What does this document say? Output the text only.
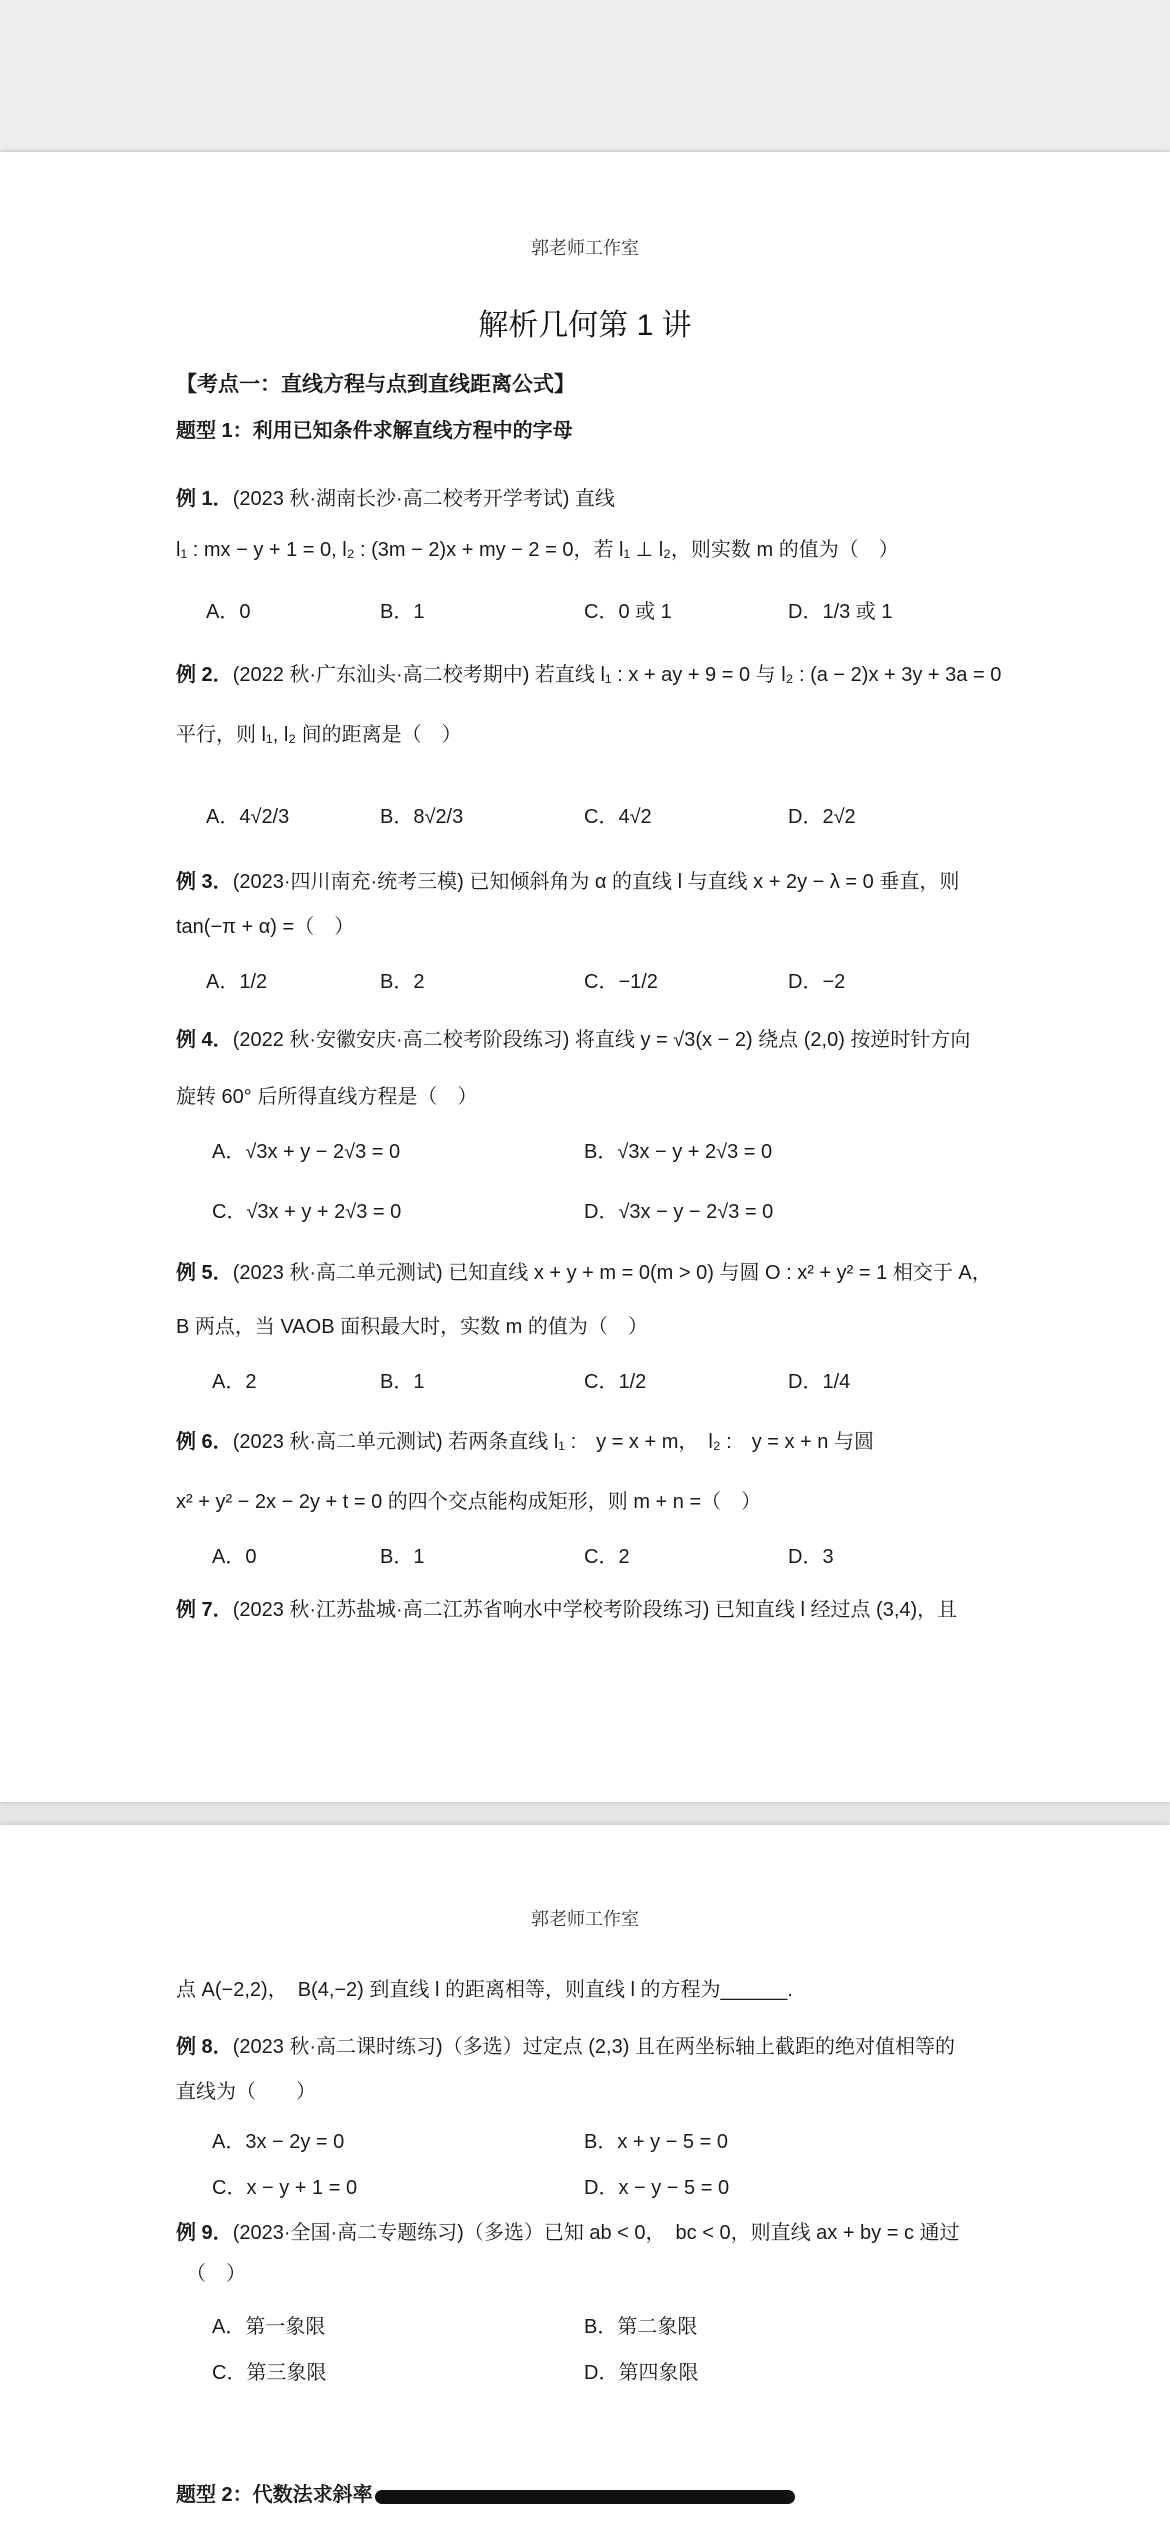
郭老师工作室
解析几何第 1 讲
【考点一：直线方程与点到直线距离公式】
题型 1：利用已知条件求解直线方程中的字母
例 1．(2023 秋·湖南长沙·高二校考开学考试) 直线
l₁ : mx − y + 1 = 0, l₂ : (3m − 2)x + my − 2 = 0，若 l₁ ⊥ l₂，则实数 m 的值为（　）
A．0	B．1	C．0 或 1	D．1/3 或 1
例 2．(2022 秋·广东汕头·高二校考期中) 若直线 l₁ : x + ay + 9 = 0 与 l₂ : (a − 2)x + 3y + 3a = 0
平行，则 l₁, l₂ 间的距离是（　）
A．4√2/3	B．8√2/3	C．4√2	D．2√2
例 3．(2023·四川南充·统考三模) 已知倾斜角为 α 的直线 l 与直线 x + 2y − λ = 0 垂直，则
tan(−π + α) =（　）
A．1/2	B．2	C．−1/2	D．−2
例 4．(2022 秋·安徽安庆·高二校考阶段练习) 将直线 y = √3(x − 2) 绕点 (2,0) 按逆时针方向
旋转 60° 后所得直线方程是（　）
A．√3x + y − 2√3 = 0	B．√3x − y + 2√3 = 0
C．√3x + y + 2√3 = 0	D．√3x − y − 2√3 = 0
例 5．(2023 秋·高二单元测试) 已知直线 x + y + m = 0(m > 0) 与圆 O : x² + y² = 1 相交于 A，
B 两点，当 VAOB 面积最大时，实数 m 的值为（　）
A．2	B．1	C．1/2	D．1/4
例 6．(2023 秋·高二单元测试) 若两条直线 l₁ :　y = x + m，　l₂ :　y = x + n 与圆
x² + y² − 2x − 2y + t = 0 的四个交点能构成矩形，则 m + n =（　）
A．0	B．1	C．2	D．3
例 7．(2023 秋·江苏盐城·高二江苏省响水中学校考阶段练习) 已知直线 l 经过点 (3,4)，且
郭老师工作室
点 A(−2,2)，　B(4,−2) 到直线 l 的距离相等，则直线 l 的方程为______.
例 8．(2023 秋·高二课时练习)（多选）过定点 (2,3) 且在两坐标轴上截距的绝对值相等的
直线为（　　）
A．3x − 2y = 0	B．x + y − 5 = 0
C．x − y + 1 = 0	D．x − y − 5 = 0
例 9．(2023·全国·高二专题练习)（多选）已知 ab < 0，　bc < 0，则直线 ax + by = c 通过
（　）
A．第一象限	B．第二象限
C．第三象限	D．第四象限
题型 2：代数法求斜率
